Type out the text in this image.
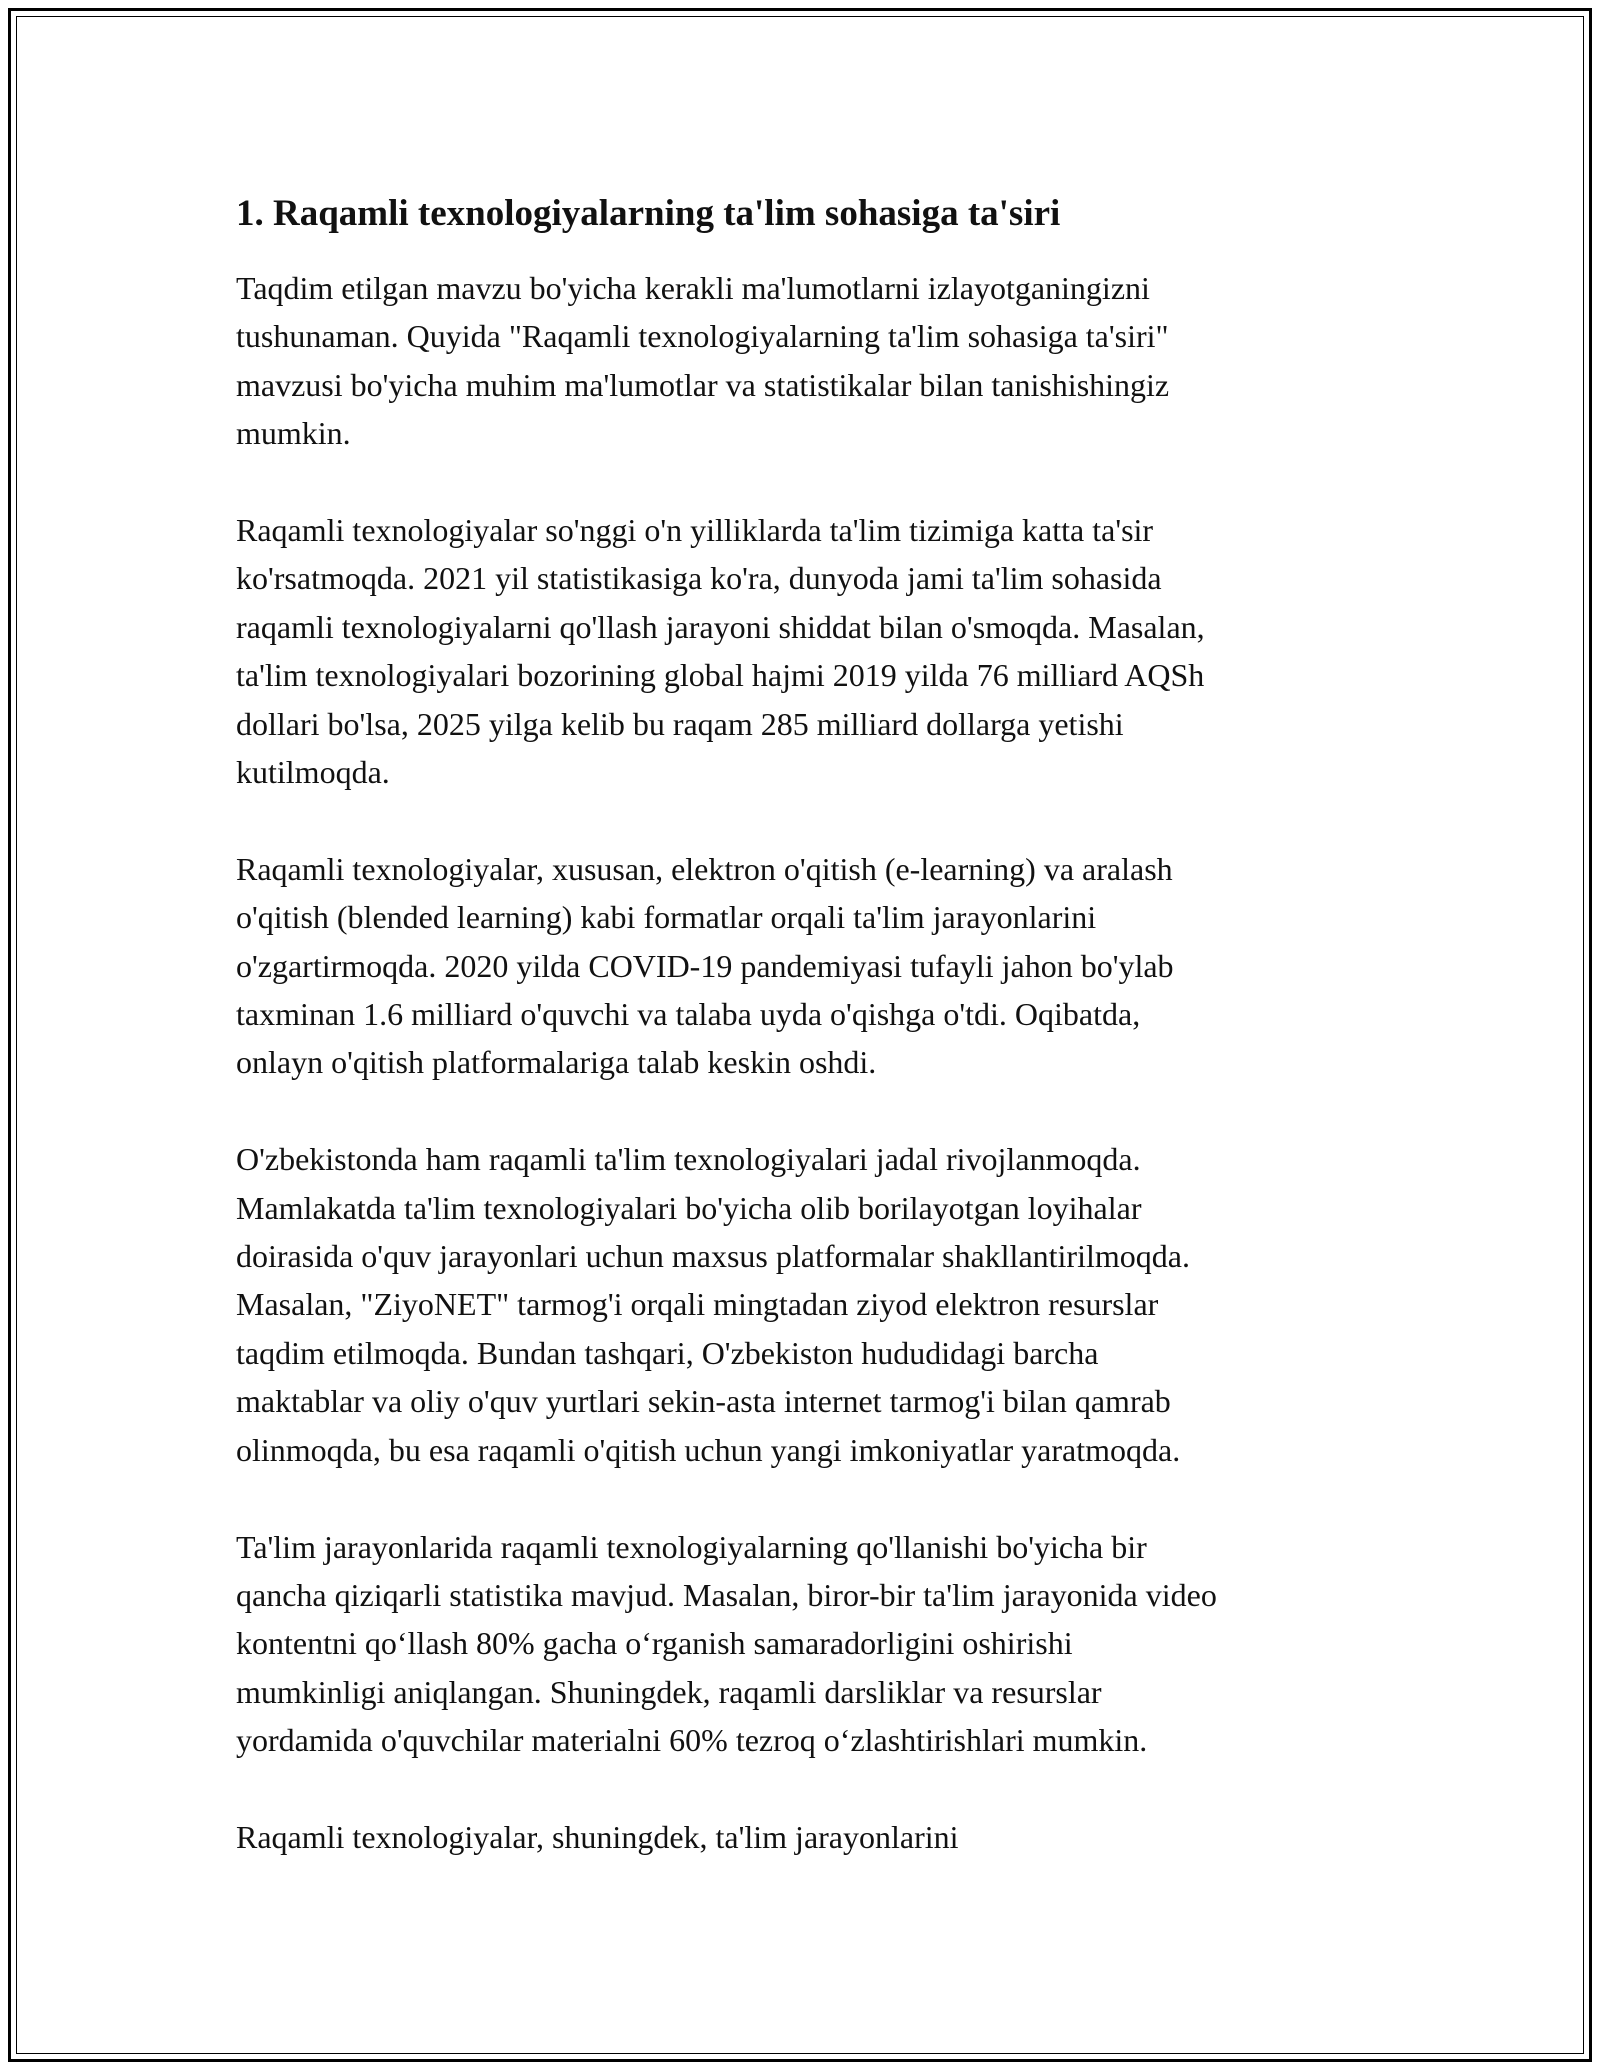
1. Raqamli texnologiyalarning ta'lim sohasiga ta'siri

Taqdim etilgan mavzu bo'yicha kerakli ma'lumotlarni izlayotganingizni
tushunaman. Quyida "Raqamli texnologiyalarning ta'lim sohasiga ta'siri"
mavzusi bo'yicha muhim ma'lumotlar va statistikalar bilan tanishishingiz
mumkin.

Raqamli texnologiyalar so'nggi o'n yilliklarda ta'lim tizimiga katta ta'sir
ko'rsatmoqda. 2021 yil statistikasiga ko'ra, dunyoda jami ta'lim sohasida
raqamli texnologiyalarni qo'llash jarayoni shiddat bilan o'smoqda. Masalan,
ta'lim texnologiyalari bozorining global hajmi 2019 yilda 76 milliard AQSh
dollari bo'lsa, 2025 yilga kelib bu raqam 285 milliard dollarga yetishi
kutilmoqda.

Raqamli texnologiyalar, xususan, elektron o'qitish (e-learning) va aralash
o'qitish (blended learning) kabi formatlar orqali ta'lim jarayonlarini
o'zgartirmoqda. 2020 yilda COVID-19 pandemiyasi tufayli jahon bo'ylab
taxminan 1.6 milliard o'quvchi va talaba uyda o'qishga o'tdi. Oqibatda,
onlayn o'qitish platformalariga talab keskin oshdi.

O'zbekistonda ham raqamli ta'lim texnologiyalari jadal rivojlanmoqda.
Mamlakatda ta'lim texnologiyalari bo'yicha olib borilayotgan loyihalar
doirasida o'quv jarayonlari uchun maxsus platformalar shakllantirilmoqda.
Masalan, "ZiyoNET" tarmog'i orqali mingtadan ziyod elektron resurslar
taqdim etilmoqda. Bundan tashqari, O'zbekiston hududidagi barcha
maktablar va oliy o'quv yurtlari sekin-asta internet tarmog'i bilan qamrab
olinmoqda, bu esa raqamli o'qitish uchun yangi imkoniyatlar yaratmoqda.

Ta'lim jarayonlarida raqamli texnologiyalarning qo'llanishi bo'yicha bir
qancha qiziqarli statistika mavjud. Masalan, biror-bir ta'lim jarayonida video
kontentni qo‘llash 80% gacha o‘rganish samaradorligini oshirishi
mumkinligi aniqlangan. Shuningdek, raqamli darsliklar va resurslar
yordamida o'quvchilar materialni 60% tezroq o‘zlashtirishlari mumkin.

Raqamli texnologiyalar, shuningdek, ta'lim jarayonlarini
